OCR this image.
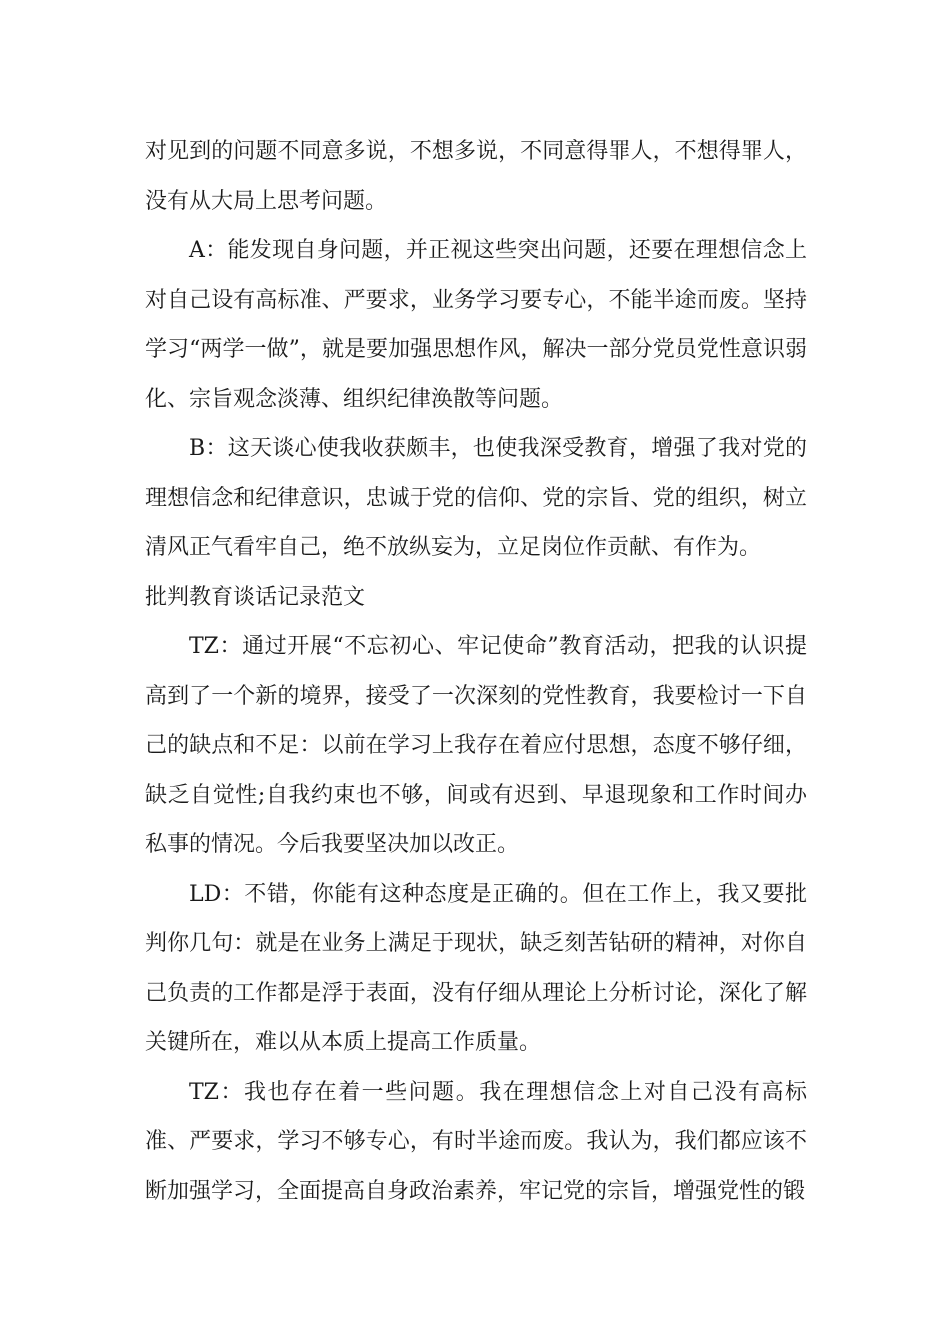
对见到的问题不同意多说，不想多说，不同意得罪人，不想得罪人，没有从大局上思考问题。

A：能发现自身问题，并正视这些突出问题，还要在理想信念上对自己设有高标准、严要求，业务学习要专心，不能半途而废。坚持学习“两学一做”，就是要加强思想作风，解决一部分党员党性意识弱化、宗旨观念淡薄、组织纪律涣散等问题。

B：这天谈心使我收获颇丰，也使我深受教育，增强了我对党的理想信念和纪律意识，忠诚于党的信仰、党的宗旨、党的组织，树立清风正气看牢自己，绝不放纵妄为，立足岗位作贡献、有作为。

批判教育谈话记录范文

TZ：通过开展“不忘初心、牢记使命”教育活动，把我的认识提高到了一个新的境界，接受了一次深刻的党性教育，我要检讨一下自己的缺点和不足：以前在学习上我存在着应付思想，态度不够仔细，缺乏自觉性;自我约束也不够，间或有迟到、早退现象和工作时间办私事的情况。今后我要坚决加以改正。

LD：不错，你能有这种态度是正确的。但在工作上，我又要批判你几句：就是在业务上满足于现状，缺乏刻苦钻研的精神，对你自己负责的工作都是浮于表面，没有仔细从理论上分析讨论，深化了解关键所在，难以从本质上提高工作质量。

TZ：我也存在着一些问题。我在理想信念上对自己没有高标准、严要求，学习不够专心，有时半途而废。我认为，我们都应该不断加强学习，全面提高自身政治素养，牢记党的宗旨，增强党性的锻
